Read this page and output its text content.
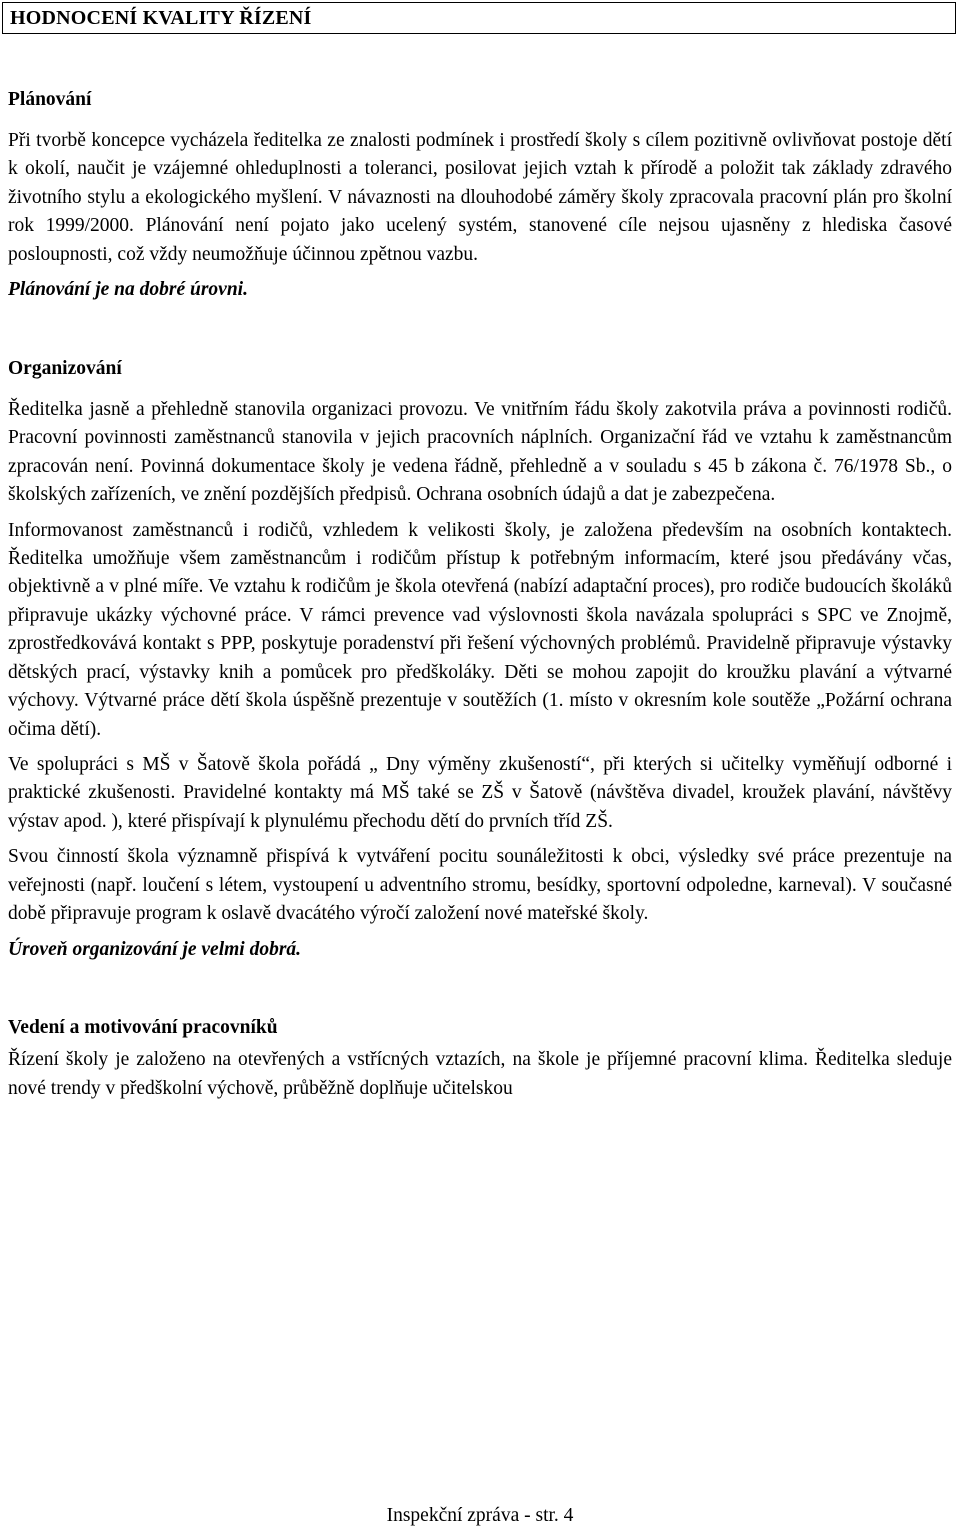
HODNOCENÍ KVALITY ŘÍZENÍ
Plánování

Při tvorbě koncepce vycházela ředitelka ze znalosti podmínek i prostředí školy s cílem pozitivně ovlivňovat postoje dětí k okolí, naučit je vzájemné ohleduplnosti a toleranci, posilovat jejich vztah k přírodě a položit tak základy zdravého životního stylu a ekologického myšlení. V návaznosti na dlouhodobé záměry školy zpracovala pracovní plán pro školní rok 1999/2000. Plánování není pojato jako ucelený systém, stanovené cíle nejsou ujasněny z hlediska časové posloupnosti, což vždy neumožňuje účinnou zpětnou vazbu.

Plánování je na dobré úrovni.

Organizování

Ředitelka jasně a přehledně stanovila organizaci provozu. Ve vnitřním řádu školy zakotvila práva a povinnosti rodičů. Pracovní povinnosti zaměstnanců stanovila v jejich pracovních náplních. Organizační řád ve vztahu k zaměstnancům zpracován není. Povinná dokumentace školy je vedena řádně, přehledně a v souladu s 45 b zákona č. 76/1978 Sb., o školských zařízeních, ve znění pozdějších předpisů. Ochrana osobních údajů a dat je zabezpečena.

Informovanost zaměstnanců i rodičů, vzhledem k velikosti školy, je založena především na osobních kontaktech. Ředitelka umožňuje všem zaměstnancům i rodičům přístup k potřebným informacím, které jsou předávány včas, objektivně a v plné míře. Ve vztahu k rodičům je škola otevřená (nabízí adaptační proces), pro rodiče budoucích školáků připravuje ukázky výchovné práce. V rámci prevence vad výslovnosti škola navázala spolupráci s SPC ve Znojmě, zprostředkovává kontakt s PPP, poskytuje poradenství při řešení výchovných problémů. Pravidelně připravuje výstavky dětských prací, výstavky knih a pomůcek pro předškoláky. Děti se mohou zapojit do kroužku plavání a výtvarné výchovy. Výtvarné práce dětí škola úspěšně prezentuje v soutěžích (1. místo v okresním kole soutěže „Požární ochrana očima dětí).

Ve spolupráci s MŠ v Šatově škola pořádá „ Dny výměny zkušeností“, při kterých si učitelky vyměňují odborné i praktické zkušenosti. Pravidelné kontakty má MŠ také se ZŠ v Šatově (návštěva divadel, kroužek plavání, návštěvy výstav apod. ), které přispívají k plynulému přechodu dětí do prvních tříd ZŠ.

Svou činností škola významně přispívá k vytváření pocitu sounáležitosti k obci, výsledky své práce prezentuje na veřejnosti (např. loučení s létem, vystoupení u adventního stromu, besídky, sportovní odpoledne, karneval). V současné době připravuje program k oslavě dvacátého výročí založení nové mateřské školy.

Úroveň organizování je velmi dobrá.

Vedení a motivování pracovníků

Řízení školy je založeno na otevřených a vstřícných vztazích, na škole je příjemné pracovní klima. Ředitelka sleduje nové trendy v předškolní výchově, průběžně doplňuje učitelskou

Inspekční zpráva - str. 4
